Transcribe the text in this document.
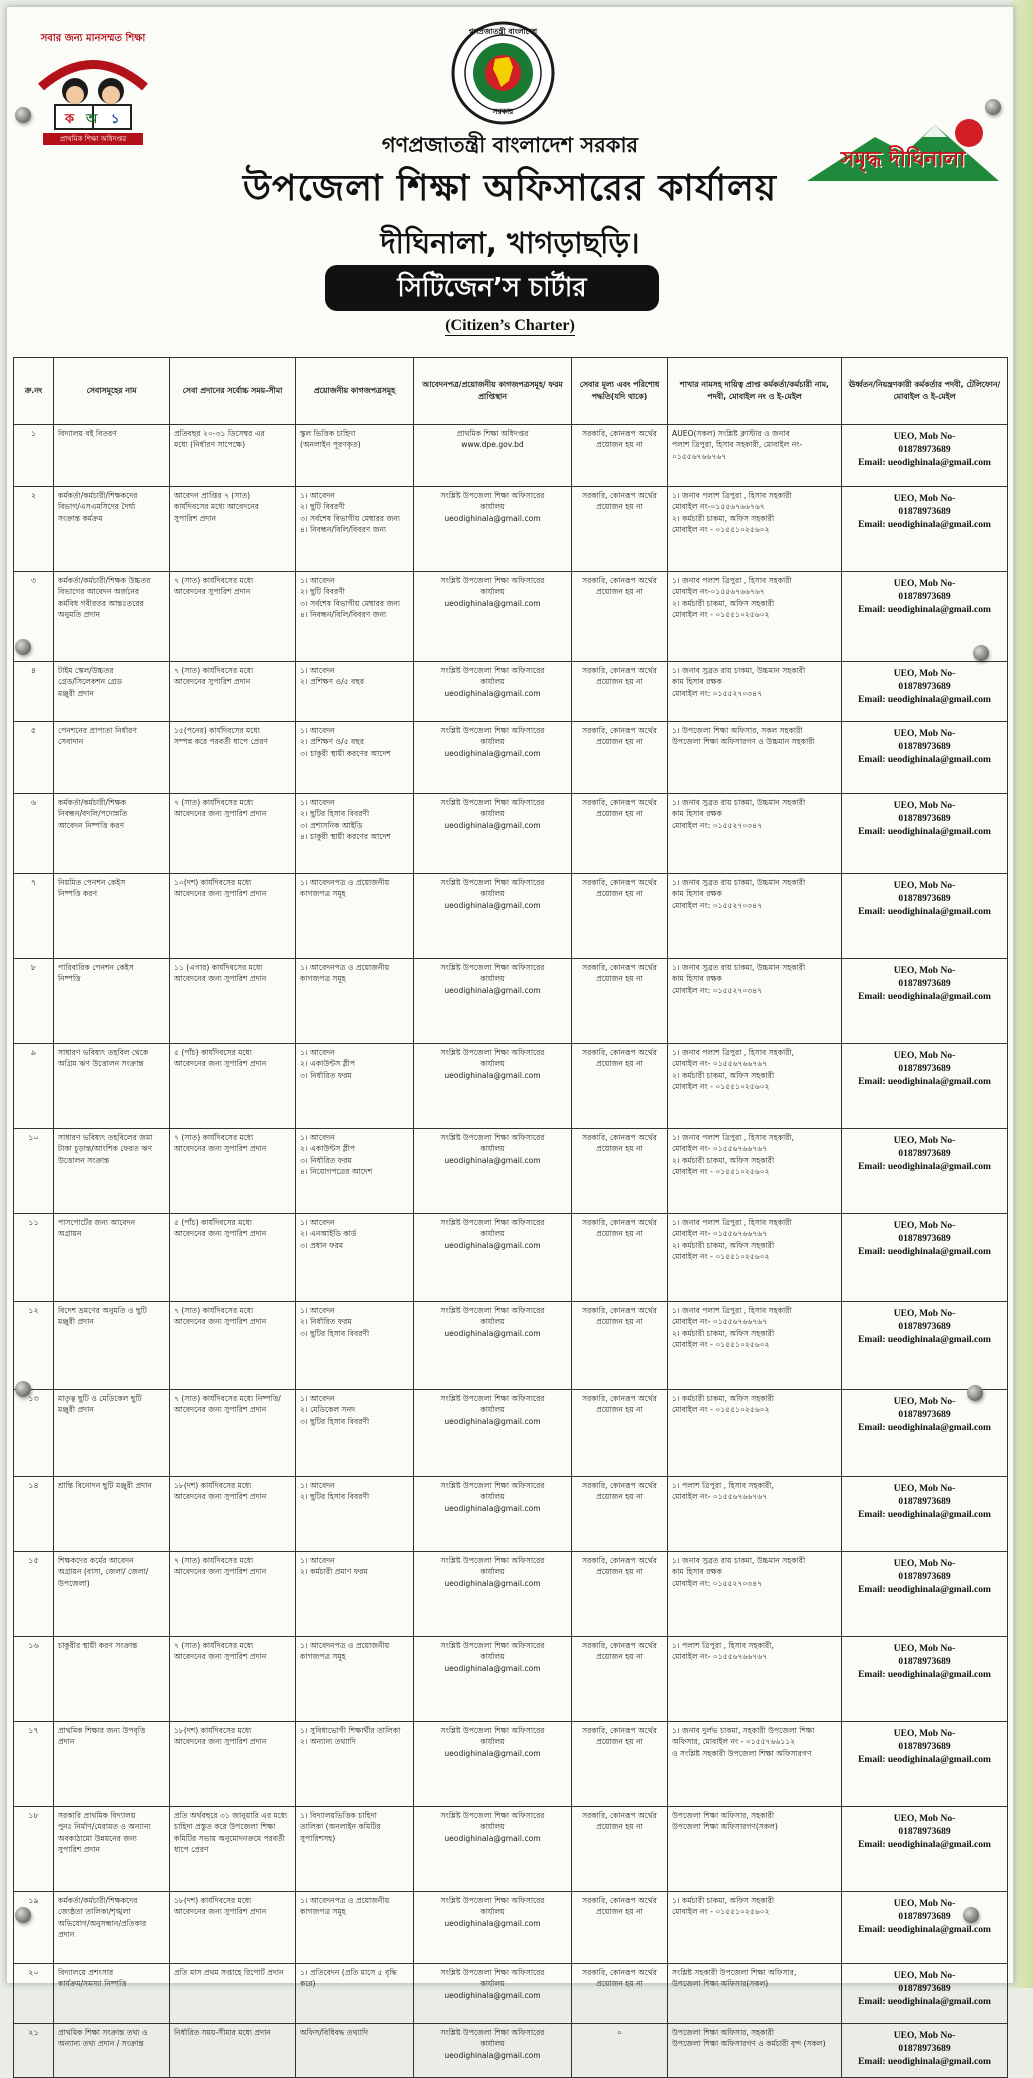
ক অ ১
সবার জন্য মানসম্মত শিক্ষা
প্রাথমিক শিক্ষা অধিদপ্তর
গণপ্রজাতন্ত্রী বাংলাদেশ
সরকার
সমৃদ্ধ দীঘিনালা
গণপ্রজাতন্ত্রী বাংলাদেশ সরকার
উপজেলা শিক্ষা অফিসারের কার্যালয়
দীঘিনালা, খাগড়াছড়ি।
সিটিজেন’স চার্টার
(Citizen’s Charter)
ক্র.নং	সেবাসমূহের নাম	সেবা প্রদানের সর্বোচ্চ সময়-সীমা	প্রয়োজনীয় কাগজপত্রসমূহ	আবেদনপত্র/প্রয়োজনীয় কাগজপত্রসমূহ/ ফরম প্রাপ্তিস্থান	সেবার মূল্য এবং পরিশোধ পদ্ধতি(যদি থাকে)	শাখার নামসহ দায়িত্ব প্রাপ্ত কর্মকর্তা/কর্মচারী নাম, পদবী, মোবাইল নং ও ই-মেইল	ঊর্ধ্বতন/নিয়ন্ত্রণকারী কর্মকর্তার পদবী, টেলিফোন/মোবাইল ও ই-মেইল
১	বিদ্যালয় বই বিতরণ	প্রতিবছর ২০-৩১ ডিসেম্বর এর
মধ্যে (নির্ধারণ সাপেক্ষে)	স্কুল ভিত্তিক চাহিদা
(অনলাইন পূরণকৃত)	প্রাথমিক শিক্ষা অধিদপ্তর
www.dpe.gov.bd	সরকারি, কোনরূপ অর্থের
প্রয়োজন হয় না	AUEO(সকল) সংশ্লিষ্ট ক্লাস্টার ও জনাব
পলাশ ত্রিপুরা, হিসাব সহকারী, মোবাইল নং-
০১৫৫৬৭৬৬৭৬৭	UEO, Mob No-
01878973689
Email: ueodighinala@gmail.com

২	কর্মকর্তা/কর্মচারী/শিক্ষকদের
বিভাগ/এসএমসিদের দৈর্ঘ্য
সংক্রান্ত কর্মক্রম	আবেদন প্রাপ্তির ৭ (সাত)
কার্যদিবসের মধ্যে আবেদনের
সুপারিশ প্রদান	১। আবেদন
২। ছুটি বিবরণী
৩। সর্বশেষ বিভাগীয় মেম্বারর জন্য
৪। নিবন্ধন/বিলি/বিবরণ জন্য	সংশ্লিষ্ট উপজেলা শিক্ষা অফিসারের
কার্যালয়
ueodighinala@gmail.com	সরকারি, কোনরূপ অর্থের
প্রয়োজন হয় না	১। জনাব পলাশ ত্রিপুরা , হিসাব সহকারী
মোবাইল নং-০১৫৫৬৭৬৬৭৬৭
২। কর্মচারী চাকমা, অফিস সহকারী
মোবাইল নং - ০১৫৫১০২৫৬০২	UEO, Mob No-
01878973689
Email: ueodighinala@gmail.com

৩	কর্মকর্তা/কর্মচারী/শিক্ষক উচ্চতর
বিভাগের আবেদন অর্জনের
কর্মবিধ গবীরতর আন্তঃতরের
অনুমতি প্রদান	৭ (সাত) কার্যদিবসের মধ্যে
আবেদনের সুপারিশ প্রদান	১। আবেদন
২। ছুটি বিবরণী
৩। সর্বশেষ বিভাগীয় মেম্বারর জন্য
৪। নিবন্ধন/বিলি/বিবরণ জন্য	সংশ্লিষ্ট উপজেলা শিক্ষা অফিসারের
কার্যালয়
ueodighinala@gmail.com	সরকারি, কোনরূপ অর্থের
প্রয়োজন হয় না	১। জনাব পলাশ ত্রিপুরা , হিসাব সহকারী
মোবাইল নং-০১৫৫৬৭৬৬৭৬৭
২। কর্মচারী চাকমা, অফিস সহকারী
মোবাইল নং - ০১৫৫১০২৫৬০২	UEO, Mob No-
01878973689
Email: ueodighinala@gmail.com

৪	টাইম স্কেল/উচ্চতর
গ্রেড/সিলেকশন গ্রেড
মঞ্জুরী প্রদান	৭ (সাত) কার্যদিবসের মধ্যে
আবেদনের সুপারিশ প্রদান	১। আবেদন
২। প্রশিক্ষণ ও/৫ বছর	সংশ্লিষ্ট উপজেলা শিক্ষা অফিসারের
কার্যালয়
ueodighinala@gmail.com	সরকারি, কোনরূপ অর্থের
প্রয়োজন হয় না	১। জনাব সুব্রত রায় চাকমা, উচ্চমান সহকারী
কাম হিসাব রক্ষক
মোবাইল নং: ০১৫৫২৭০৩৪৭	UEO, Mob No-
01878973689
Email: ueodighinala@gmail.com

৫	পেনশনের প্রাপ্যতা নির্ধারণ
সেবাদান	১৫(পনের) কার্যদিবসের মধ্যে
সম্পন্ন করে পরবর্তী ধাপে প্রেরণ	১। আবেদন
২। প্রশিক্ষণ ও/৫ বছর
৩। চাকুরী স্থায়ী করণের আদেশ	সংশ্লিষ্ট উপজেলা শিক্ষা অফিসারের
কার্যালয়
ueodighinala@gmail.com	সরকারি, কোনরূপ অর্থের
প্রয়োজন হয় না	১। উপজেলা শিক্ষা অফিসার, সকল সহকারী
উপজেলা শিক্ষা অফিসারগণ ও উচ্চমান সহকারী	UEO, Mob No-
01878973689
Email: ueodighinala@gmail.com

৬	কর্মকর্তা/কর্মচারী/শিক্ষক
নিবন্ধন/বদলি/পদোন্নতি
আবেদন নিষ্পত্তি করণ	৭ (সাত) কার্যদিবসের মধ্যে
আবেদনের জন্য সুপারিশ প্রদান	১। আবেদন
২। ছুটির হিসাব বিবরণী
৩। প্রশাসনিক আইডি
৪। চাকুরী স্থায়ী করণের আদেশ	সংশ্লিষ্ট উপজেলা শিক্ষা অফিসারের
কার্যালয়
ueodighinala@gmail.com	সরকারি, কোনরূপ অর্থের
প্রয়োজন হয় না	১। জনাব সুব্রত রায় চাকমা, উচ্চমান সহকারী
কাম হিসাব রক্ষক
মোবাইল নং: ০১৫৫২৭০৩৪৭	UEO, Mob No-
01878973689
Email: ueodighinala@gmail.com

৭	নিয়মিত পেনশন কেইস
নিষ্পত্তি করণ	১০(দশ) কার্যদিবসের মধ্যে
আবেদনের জন্য সুপারিশ প্রদান	১। আবেদনপত্র ও প্রয়োজনীয়
কাগজপত্র সমূহ	সংশ্লিষ্ট উপজেলা শিক্ষা অফিসারের
কার্যালয়
ueodighinala@gmail.com	সরকারি, কোনরূপ অর্থের
প্রয়োজন হয় না	১। জনাব সুব্রত রায় চাকমা, উচ্চমান সহকারী
কাম হিসাব রক্ষক
মোবাইল নং: ০১৫৫২৭০৩৪৭	UEO, Mob No-
01878973689
Email: ueodighinala@gmail.com

৮	পারিবারিক পেনশন কেইস
নিষ্পত্তি	১১ (এগার) কার্যদিবসের মধ্যে
আবেদনের জন্য সুপারিশ প্রদান	১। আবেদনপত্র ও প্রয়োজনীয়
কাগজপত্র সমূহ	সংশ্লিষ্ট উপজেলা শিক্ষা অফিসারের
কার্যালয়
ueodighinala@gmail.com	সরকারি, কোনরূপ অর্থের
প্রয়োজন হয় না	১। জনাব সুব্রত রায় চাকমা, উচ্চমান সহকারী
কাম হিসাব রক্ষক
মোবাইল নং: ০১৫৫২৭০৩৪৭	UEO, Mob No-
01878973689
Email: ueodighinala@gmail.com

৯	সাধারণ ভবিষ্যৎ তহবিল থেকে
অগ্রিম ঋণ উত্তোলন সংক্রান্ত	৫ (পাঁচ) কার্যদিবসের মধ্যে
আবেদনের জন্য সুপারিশ প্রদান	১। আবেদন
২। একাউন্টস স্লীপ
৩। নির্ধারিত ফরম	সংশ্লিষ্ট উপজেলা শিক্ষা অফিসারের
কার্যালয়
ueodighinala@gmail.com	সরকারি, কোনরূপ অর্থের
প্রয়োজন হয় না	১। জনাব পলাশ ত্রিপুরা , হিসাব সহকারী,
মোবাইল নং- ০১৫৫৬৭৬৬৭৬৭
২। কর্মচারী চাকমা, অফিস সহকারী
মোবাইল নং - ০১৫৫১০২৫৬০২	UEO, Mob No-
01878973689
Email: ueodighinala@gmail.com

১০	সাধারণ ভবিষ্যৎ তহবিলের জমা
টাকা চূড়ান্ত/আংশিক ফেরত ঋণ
উত্তোলন সংক্রান্ত	৭ (সাত) কার্যদিবসের মধ্যে
আবেদনের জন্য সুপারিশ প্রদান	১। আবেদন
২। একাউন্টস স্লীপ
৩। নির্ধারিত ফরম
৪। নিয়োগপত্রের আদেশ	সংশ্লিষ্ট উপজেলা শিক্ষা অফিসারের
কার্যালয়
ueodighinala@gmail.com	সরকারি, কোনরূপ অর্থের
প্রয়োজন হয় না	১। জনাব পলাশ ত্রিপুরা , হিসাব সহকারী,
মোবাইল নং- ০১৫৫৬৭৬৬৭৬৭
২। কর্মচারী চাকমা, অফিস সহকারী
মোবাইল নং - ০১৫৫১০২৫৬০২	UEO, Mob No-
01878973689
Email: ueodighinala@gmail.com

১১	পাসপোর্টের জন্য আবেদন
অগ্রায়ন	৫ (পাঁচ) কার্যদিবসের মধ্যে
আবেদনের জন্য সুপারিশ প্রদান	১। আবেদন
২। এনআইডি কার্ড
৩। প্রধান ফরম	সংশ্লিষ্ট উপজেলা শিক্ষা অফিসারের
কার্যালয়
ueodighinala@gmail.com	সরকারি, কোনরূপ অর্থের
প্রয়োজন হয় না	১। জনাব পলাশ ত্রিপুরা , হিসাব সহকারী
মোবাইল নং- ০১৫৫৬৭৬৬৭৬৭
২। কর্মচারী চাকমা, অফিস সহকারী
মোবাইল নং - ০১৫৫১০২৫৬০২	UEO, Mob No-
01878973689
Email: ueodighinala@gmail.com

১২	বিদেশ ভ্রমণের অনুমতি ও ছুটি
মঞ্জুরী প্রদান	৭ (সাত) কার্যদিবসের মধ্যে
আবেদনের জন্য সুপারিশ প্রদান	১। আবেদন
২। নির্ধারিত ফরম
৩। ছুটির হিসাব বিবরণী	সংশ্লিষ্ট উপজেলা শিক্ষা অফিসারের
কার্যালয়
ueodighinala@gmail.com	সরকারি, কোনরূপ অর্থের
প্রয়োজন হয় না	১। জনাব পলাশ ত্রিপুরা , হিসাব সহকারী
মোবাইল নং- ০১৫৫৬৭৬৬৭৬৭
২। কর্মচারী চাকমা, অফিস সহকারী
মোবাইল নং - ০১৫৫১০২৫৬০২	UEO, Mob No-
01878973689
Email: ueodighinala@gmail.com

১৩	মাতৃত্ব ছুটি ও মেডিকেল ছুটি
মঞ্জুরী প্রদান	৭ (সাত) কার্যদিবসের মধ্যে নিষ্পত্তি/
আবেদনের জন্য সুপারিশ প্রদান	১। আবেদন
২। মেডিকেল সনদ
৩। ছুটির হিসাব বিবরণী	সংশ্লিষ্ট উপজেলা শিক্ষা অফিসারের
কার্যালয়
ueodighinala@gmail.com	সরকারি, কোনরূপ অর্থের
প্রয়োজন হয় না	১। কর্মচারী চাকমা, অফিস সহকারী
মোবাইল নং - ০১৫৫১০২৫৬০২	UEO, Mob No-
01878973689
Email: ueodighinala@gmail.com

১৪	শ্রান্তি বিনোদন ছুটি মঞ্জুরী প্রদান	১৮(দশ) কার্যদিবসের মধ্যে
আবেদনের জন্য সুপারিশ প্রদান	১। আবেদন
২। ছুটির হিসাব বিবরণী	সংশ্লিষ্ট উপজেলা শিক্ষা অফিসারের
কার্যালয়
ueodighinala@gmail.com	সরকারি, কোনরূপ অর্থের
প্রয়োজন হয় না	১। পলাশ ত্রিপুরা , হিসাব সহকারী,
মোবাইল নং- ০১৫৫৬৭৬৬৭৬৭	UEO, Mob No-
01878973689
Email: ueodighinala@gmail.com

১৫	শিক্ষকদের কর্মের আবেদন
অগ্রায়ন (বাসা, জেলা/ জেলা/
উপজেলা)	৭ (সাত) কার্যদিবসের মধ্যে
আবেদনের জন্য সুপারিশ প্রদান	১। আবেদন
২। কর্মচারী প্রমাণ ফরম	সংশ্লিষ্ট উপজেলা শিক্ষা অফিসারের
কার্যালয়
ueodighinala@gmail.com	সরকারি, কোনরূপ অর্থের
প্রয়োজন হয় না	১। জনাব সুব্রত রায় চাকমা, উচ্চমান সহকারী
কাম হিসাব রক্ষক
মোবাইল নং: ০১৫৫২৭০৩৪৭	UEO, Mob No-
01878973689
Email: ueodighinala@gmail.com

১৬	চাকুরীর স্থায়ী করণ সংক্রান্ত	৭ (সাত) কার্যদিবসের মধ্যে
আবেদনের জন্য সুপারিশ প্রদান	১। আবেদনপত্র ও প্রয়োজনীয়
কাগজপত্র সমূহ	সংশ্লিষ্ট উপজেলা শিক্ষা অফিসারের
কার্যালয়
ueodighinala@gmail.com	সরকারি, কোনরূপ অর্থের
প্রয়োজন হয় না	১। পলাশ ত্রিপুরা , হিসাব সহকারী,
মোবাইল নং- ০১৫৫৬৭৬৬৭৬৭	UEO, Mob No-
01878973689
Email: ueodighinala@gmail.com

১৭	প্রাথমিক শিক্ষার জন্য উপবৃত্তি
প্রদান	১৮(দশ) কার্যদিবসের মধ্যে
আবেদনের জন্য সুপারিশ প্রদান	১। সুবিধাভোগী শিক্ষার্থীর তালিকা
২। অন্যান্য তথ্যাদি	সংশ্লিষ্ট উপজেলা শিক্ষা অফিসারের
কার্যালয়
ueodighinala@gmail.com	সরকারি, কোনরূপ অর্থের
প্রয়োজন হয় না	১। জনাব দুর্লভ চাকমা, সহকারী উপজেলা শিক্ষা
অফিসার, মোবাইল নং - ০১৫৫৭৬৬১১২
ও সংশ্লিষ্ট সহকারী উপজেলা শিক্ষা অফিসারগণ	UEO, Mob No-
01878973689
Email: ueodighinala@gmail.com

১৮	সরকারি প্রাথমিক বিদ্যালয়
পুনঃ নির্মাণ/মেরামত ও অন্যান্য
অবকাঠামো উন্নয়নের জন্য
সুপারিশ প্রদান	প্রতি অর্থবছরে ৩১ জানুয়ারি এর মধ্যে
চাহিদা প্রস্তুত করে উপজেলা শিক্ষা
কমিটির সভায় অনুমোদনক্রমে পরবর্তী
ধাপে প্রেরণ	১। বিদ্যালয়ভিত্তিক চাহিদা
তালিকা (অনলাইন কমিটির
সুপারিশসহ)	সংশ্লিষ্ট উপজেলা শিক্ষা অফিসারের
কার্যালয়
ueodighinala@gmail.com	সরকারি, কোনরূপ অর্থের
প্রয়োজন হয় না	উপজেলা শিক্ষা অফিসার, সহকারী
উপজেলা শিক্ষা অফিসারগণ(সকল)	UEO, Mob No-
01878973689
Email: ueodighinala@gmail.com

১৯	কর্মকর্তা/কর্মচারী/শিক্ষকদের
জ্যেষ্ঠতা তালিকা/শৃঙ্খলা
অভিযোগ/অনুসন্ধান/প্রতিকার প্রদান	১৮(দশ) কার্যদিবসের মধ্যে
আবেদনের জন্য সুপারিশ প্রদান	১। আবেদনপত্র ও প্রয়োজনীয়
কাগজপত্র সমূহ	সংশ্লিষ্ট উপজেলা শিক্ষা অফিসারের
কার্যালয়
ueodighinala@gmail.com	সরকারি, কোনরূপ অর্থের
প্রয়োজন হয় না	১। কর্মচারী চাকমা, অফিস সহকারী
মোবাইল নং - ০১৫৫১০২৫৬০২	UEO, Mob No-
01878973689
Email: ueodighinala@gmail.com

২০	বিদ্যালয়ে প্রশংসার
কার্যক্রম/সমস্যা নিষ্পত্তি	প্রতি মাস প্রথম সপ্তাহে রিপোর্ট প্রদান	১। প্রতিবেদন (প্রতি মাসে ৫ বৃদ্ধি করে)	সংশ্লিষ্ট উপজেলা শিক্ষা অফিসারের
কার্যালয়
ueodighinala@gmail.com	সরকারি, কোনরূপ অর্থের
প্রয়োজন হয় না	সংশ্লিষ্ট সহকারী উপজেলা শিক্ষা অফিসার,
উপজেলা শিক্ষা অফিসার(সকল)	UEO, Mob No-
01878973689
Email: ueodighinala@gmail.com

২১	প্রাথমিক শিক্ষা সংক্রান্ত তথ্য ও
অন্যান্য তথ্য প্রদান / সংক্রান্ত	নির্ধারিত সময়-সীমার মধ্যে প্রদান	অফিস/বিধিবদ্ধ তথ্যাদি	সংশ্লিষ্ট উপজেলা শিক্ষা অফিসারের
কার্যালয়
ueodighinala@gmail.com	০	উপজেলা শিক্ষা অফিসার, সহকারী
উপজেলা শিক্ষা অফিসারগণ ও কর্মচারী বৃন্দ (সকল)	UEO, Mob No-
01878973689
Email: ueodighinala@gmail.com
